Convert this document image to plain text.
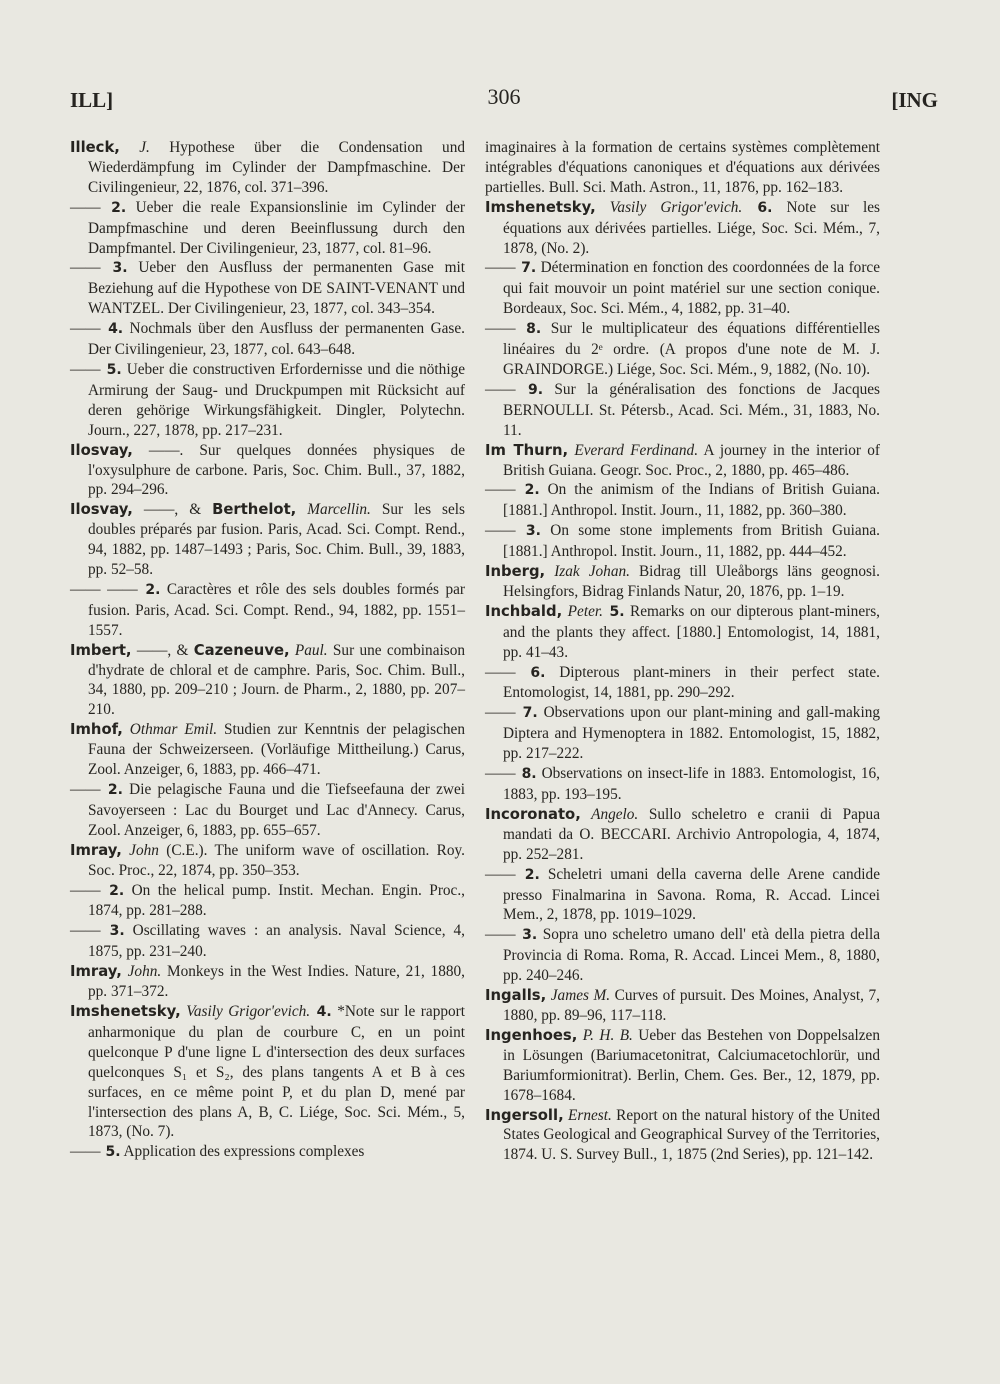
ILL]	306	[ING

Illeck, J. Hypothese über die Condensation und Wiederdämpfung im Cylinder der Dampfmaschine. Der Civilingenieur, 22, 1876, col. 371–396.

—— 2. Ueber die reale Expansionslinie im Cylinder der Dampfmaschine und deren Beeinflussung durch den Dampfmantel. Der Civilingenieur, 23, 1877, col. 81–96.

—— 3. Ueber den Ausfluss der permanenten Gase mit Beziehung auf die Hypothese von DE SAINT-VENANT und WANTZEL. Der Civilingenieur, 23, 1877, col. 343–354.

—— 4. Nochmals über den Ausfluss der permanenten Gase. Der Civilingenieur, 23, 1877, col. 643–648.

—— 5. Ueber die constructiven Erfordernisse und die nöthige Armirung der Saug- und Druckpumpen mit Rücksicht auf deren gehörige Wirkungsfähigkeit. Dingler, Polytechn. Journ., 227, 1878, pp. 217–231.

Ilosvay, ——. Sur quelques données physiques de l'oxysulphure de carbone. Paris, Soc. Chim. Bull., 37, 1882, pp. 294–296.

Ilosvay, ——, & Berthelot, Marcellin. Sur les sels doubles préparés par fusion. Paris, Acad. Sci. Compt. Rend., 94, 1882, pp. 1487–1493 ; Paris, Soc. Chim. Bull., 39, 1883, pp. 52–58.

—— —— 2. Caractères et rôle des sels doubles formés par fusion. Paris, Acad. Sci. Compt. Rend., 94, 1882, pp. 1551–1557.

Imbert, ——, & Cazeneuve, Paul. Sur une combinaison d'hydrate de chloral et de camphre. Paris, Soc. Chim. Bull., 34, 1880, pp. 209–210 ; Journ. de Pharm., 2, 1880, pp. 207–210.

Imhof, Othmar Emil. Studien zur Kenntnis der pelagischen Fauna der Schweizerseen. (Vorläufige Mittheilung.) Carus, Zool. Anzeiger, 6, 1883, pp. 466–471.

—— 2. Die pelagische Fauna und die Tiefseefauna der zwei Savoyerseen : Lac du Bourget und Lac d'Annecy. Carus, Zool. Anzeiger, 6, 1883, pp. 655–657.

Imray, John (C.E.). The uniform wave of oscillation. Roy. Soc. Proc., 22, 1874, pp. 350–353.

—— 2. On the helical pump. Instit. Mechan. Engin. Proc., 1874, pp. 281–288.

—— 3. Oscillating waves : an analysis. Naval Science, 4, 1875, pp. 231–240.

Imray, John. Monkeys in the West Indies. Nature, 21, 1880, pp. 371–372.

Imshenetsky, Vasily Grigor'evich. 4. *Note sur le rapport anharmonique du plan de courbure C, en un point quelconque P d'une ligne L d'intersection des deux surfaces quelconques S₁ et S₂, des plans tangents A et B à ces surfaces, en ce même point P, et du plan D, mené par l'intersection des plans A, B, C. Liége, Soc. Sci. Mém., 5, 1873, (No. 7).

—— 5. Application des expressions complexes

imaginaires à la formation de certains systèmes complètement intégrables d'équations canoniques et d'équations aux dérivées partielles. Bull. Sci. Math. Astron., 11, 1876, pp. 162–183.

Imshenetsky, Vasily Grigor'evich. 6. Note sur les équations aux dérivées partielles. Liége, Soc. Sci. Mém., 7, 1878, (No. 2).

—— 7. Détermination en fonction des coordonnées de la force qui fait mouvoir un point matériel sur une section conique. Bordeaux, Soc. Sci. Mém., 4, 1882, pp. 31–40.

—— 8. Sur le multiplicateur des équations différentielles linéaires du 2ᵉ ordre. (A propos d'une note de M. J. GRAINDORGE.) Liége, Soc. Sci. Mém., 9, 1882, (No. 10).

—— 9. Sur la généralisation des fonctions de Jacques BERNOULLI. St. Pétersb., Acad. Sci. Mém., 31, 1883, No. 11.

Im Thurn, Everard Ferdinand. A journey in the interior of British Guiana. Geogr. Soc. Proc., 2, 1880, pp. 465–486.

—— 2. On the animism of the Indians of British Guiana. [1881.] Anthropol. Instit. Journ., 11, 1882, pp. 360–380.

—— 3. On some stone implements from British Guiana. [1881.] Anthropol. Instit. Journ., 11, 1882, pp. 444–452.

Inberg, Izak Johan. Bidrag till Uleåborgs läns geognosi. Helsingfors, Bidrag Finlands Natur, 20, 1876, pp. 1–19.

Inchbald, Peter. 5. Remarks on our dipterous plant-miners, and the plants they affect. [1880.] Entomologist, 14, 1881, pp. 41–43.

—— 6. Dipterous plant-miners in their perfect state. Entomologist, 14, 1881, pp. 290–292.

—— 7. Observations upon our plant-mining and gall-making Diptera and Hymenoptera in 1882. Entomologist, 15, 1882, pp. 217–222.

—— 8. Observations on insect-life in 1883. Entomologist, 16, 1883, pp. 193–195.

Incoronato, Angelo. Sullo scheletro e cranii di Papua mandati da O. BECCARI. Archivio Antropologia, 4, 1874, pp. 252–281.

—— 2. Scheletri umani della caverna delle Arene candide presso Finalmarina in Savona. Roma, R. Accad. Lincei Mem., 2, 1878, pp. 1019–1029.

—— 3. Sopra uno scheletro umano dell' età della pietra della Provincia di Roma. Roma, R. Accad. Lincei Mem., 8, 1880, pp. 240–246.

Ingalls, James M. Curves of pursuit. Des Moines, Analyst, 7, 1880, pp. 89–96, 117–118.

Ingenhoes, P. H. B. Ueber das Bestehen von Doppelsalzen in Lösungen (Bariumacetonitrat, Calciumacetochlorür, und Bariumformionitrat). Berlin, Chem. Ges. Ber., 12, 1879, pp. 1678–1684.

Ingersoll, Ernest. Report on the natural history of the United States Geological and Geographical Survey of the Territories, 1874. U. S. Survey Bull., 1, 1875 (2nd Series), pp. 121–142.
